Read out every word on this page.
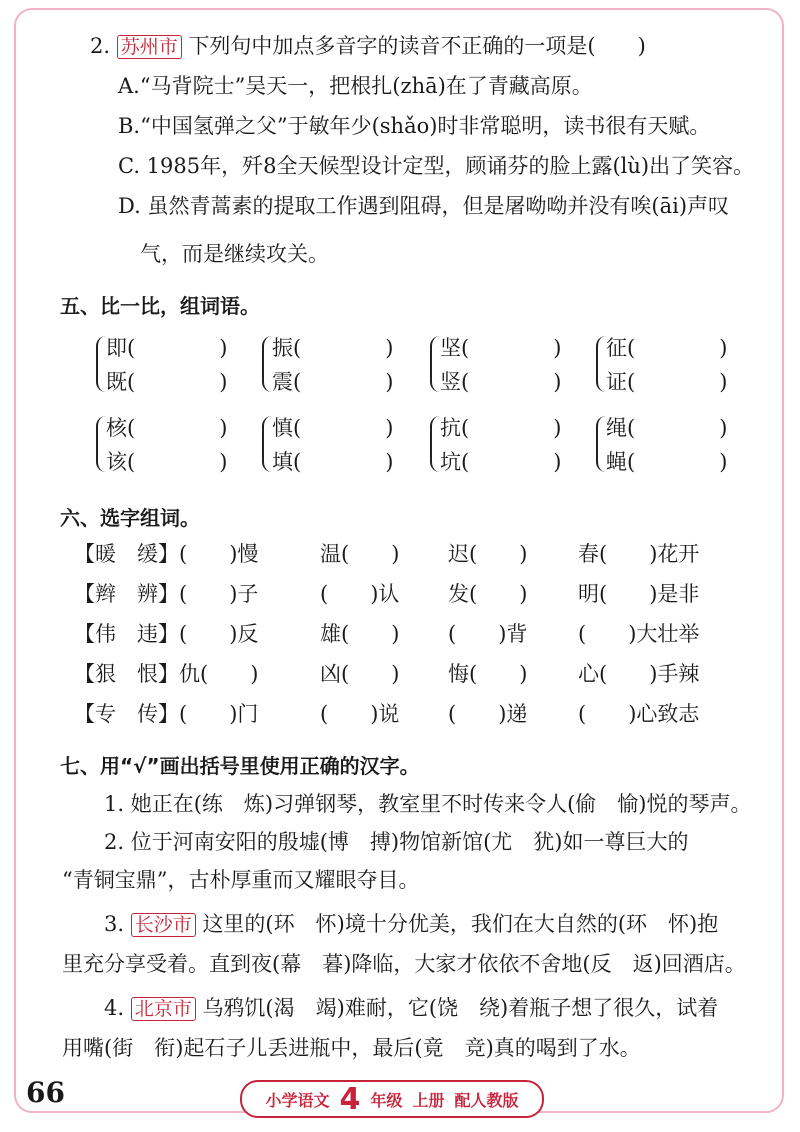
2. 苏州市 下列句中加点多音字的读音不正确的一项是(　　)
A.“马背院士”吴天一，把根扎(zhā)在了青藏高原。
B.“中国氢弹之父”于敏年少(shǎo)时非常聪明，读书很有天赋。
C. 1985年，歼8全天候型设计定型，顾诵芬的脸上露(lù)出了笑容。
D. 虽然青蒿素的提取工作遇到阻碍，但是屠呦呦并没有唉(āi)声叹
气，而是继续攻关。
五、比一比，组词语。
即(　　　　)
既(　　　　)
振(　　　　)
震(　　　　)
坚(　　　　)
竖(　　　　)
征(　　　　)
证(　　　　)
核(　　　　)
该(　　　　)
慎(　　　　)
填(　　　　)
抗(　　　　)
坑(　　　　)
绳(　　　　)
蝇(　　　　)
六、选字组词。
【暖　缓】(　　)慢	温(　　) 迟(　　) 春(　　)花开
【辫　辨】(　　)子	(　　)认 发(　　) 明(　　)是非
【伟　违】(　　)反	雄(　　) (　　)背 (　　)大壮举
【狠　恨】仇(　　)	凶(　　) 悔(　　) 心(　　)手辣
【专　传】(　　)门	(　　)说 (　　)递 (　　)心致志
七、用“√”画出括号里使用正确的汉字。
1. 她正在(练　炼)习弹钢琴，教室里不时传来令人(偷　愉)悦的琴声。
2. 位于河南安阳的殷墟(博　搏)物馆新馆(尤　犹)如一尊巨大的
“青铜宝鼎”，古朴厚重而又耀眼夺目。
3. 长沙市 这里的(环　怀)境十分优美，我们在大自然的(环　怀)抱
里充分享受着。直到夜(幕　暮)降临，大家才依依不舍地(反　返)回酒店。
4. 北京市 乌鸦饥(渴　竭)难耐，它(饶　绕)着瓶子想了很久，试着
用嘴(街　衔)起石子儿丢进瓶中，最后(竟　竞)真的喝到了水。
66	小学语文 4 年级 上册 配人教版
